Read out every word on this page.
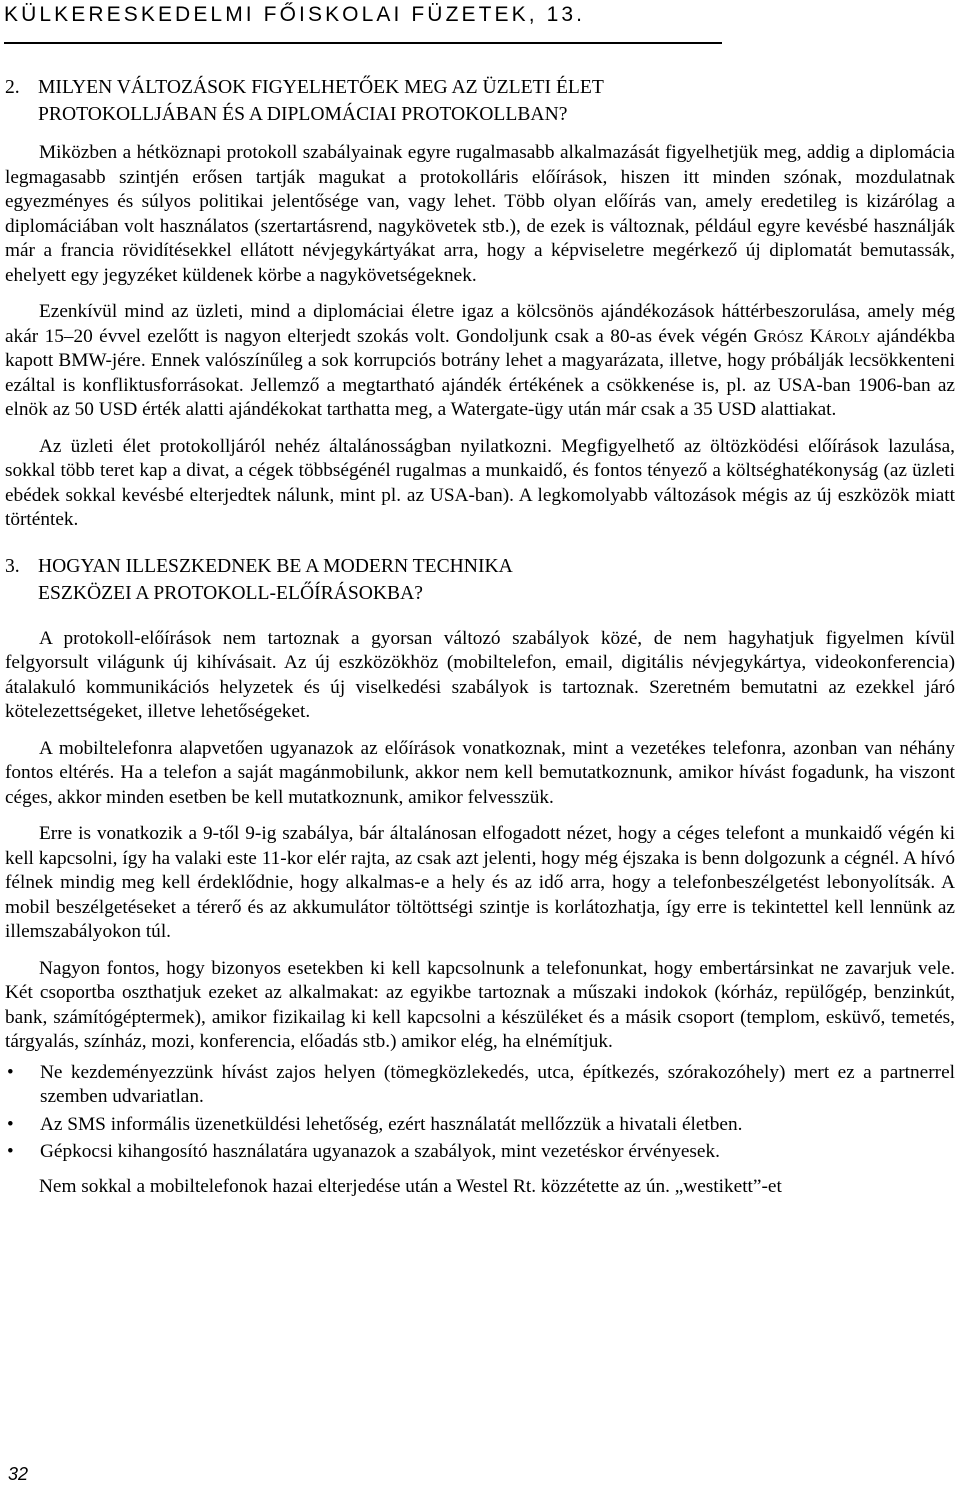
KÜLKERESKEDELMI FŐISKOLAI FÜZETEK, 13.
2. MILYEN VÁLTOZÁSOK FIGYELHETŐEK MEG AZ ÜZLETI ÉLET
PROTOKOLLJÁBAN ÉS A DIPLOMÁCIAI PROTOKOLLBAN?

Miközben a hétköznapi protokoll szabályainak egyre rugalmasabb alkalmazását figyelhetjük meg, addig a diplomácia legmagasabb szintjén erősen tartják magukat a protokolláris előírások, hiszen itt minden szónak, mozdulatnak egyezményes és súlyos politikai jelentősége van, vagy lehet. Több olyan előírás van, amely eredetileg is kizárólag a diplomáciában volt használatos (szertartásrend, nagykövetek stb.), de ezek is változnak, például egyre kevésbé használják már a francia rövidítésekkel ellátott névjegykártyákat arra, hogy a képviseletre megérkező új diplomatát bemutassák, ehelyett egy jegyzéket küldenek körbe a nagykövetségeknek.

Ezenkívül mind az üzleti, mind a diplomáciai életre igaz a kölcsönös ajándékozások háttérbeszorulása, amely még akár 15–20 évvel ezelőtt is nagyon elterjedt szokás volt. Gondoljunk csak a 80-as évek végén Grósz Károly ajándékba kapott BMW-jére. Ennek valószínűleg a sok korrupciós botrány lehet a magyarázata, illetve, hogy próbálják lecsökkenteni ezáltal is konfliktusforrásokat. Jellemző a megtartható ajándék értékének a csökkenése is, pl. az USA-ban 1906-ban az elnök az 50 USD érték alatti ajándékokat tarthatta meg, a Watergate-ügy után már csak a 35 USD alattiakat.

Az üzleti élet protokolljáról nehéz általánosságban nyilatkozni. Megfigyelhető az öltözködési előírások lazulása, sokkal több teret kap a divat, a cégek többségénél rugalmas a munkaidő, és fontos tényező a költséghatékonyság (az üzleti ebédek sokkal kevésbé elterjedtek nálunk, mint pl. az USA-ban). A legkomolyabb változások mégis az új eszközök miatt történtek.

3. HOGYAN ILLESZKEDNEK BE A MODERN TECHNIKA
ESZKÖZEI A PROTOKOLL-ELŐÍRÁSOKBA?

A protokoll-előírások nem tartoznak a gyorsan változó szabályok közé, de nem hagyhatjuk figyelmen kívül felgyorsult világunk új kihívásait. Az új eszközökhöz (mobiltelefon, email, digitális névjegykártya, videokonferencia) átalakuló kommunikációs helyzetek és új viselkedési szabályok is tartoznak. Szeretném bemutatni az ezekkel járó kötelezettségeket, illetve lehetőségeket.

A mobiltelefonra alapvetően ugyanazok az előírások vonatkoznak, mint a vezetékes telefonra, azonban van néhány fontos eltérés. Ha a telefon a saját magánmobilunk, akkor nem kell bemutatkoznunk, amikor hívást fogadunk, ha viszont céges, akkor minden esetben be kell mutatkoznunk, amikor felvesszük.

Erre is vonatkozik a 9-től 9-ig szabálya, bár általánosan elfogadott nézet, hogy a céges telefont a munkaidő végén ki kell kapcsolni, így ha valaki este 11-kor elér rajta, az csak azt jelenti, hogy még éjszaka is benn dolgozunk a cégnél. A hívó félnek mindig meg kell érdeklődnie, hogy alkalmas-e a hely és az idő arra, hogy a telefonbeszélgetést lebonyolítsák. A mobil beszélgetéseket a térerő és az akkumulátor töltöttségi szintje is korlátozhatja, így erre is tekintettel kell lennünk az illemszabályokon túl.

Nagyon fontos, hogy bizonyos esetekben ki kell kapcsolnunk a telefonunkat, hogy embertársinkat ne zavarjuk vele. Két csoportba oszthatjuk ezeket az alkalmakat: az egyikbe tartoznak a műszaki indokok (kórház, repülőgép, benzinkút, bank, számítógéptermek), amikor fizikailag ki kell kapcsolni a készüléket és a másik csoport (templom, esküvő, temetés, tárgyalás, színház, mozi, konferencia, előadás stb.) amikor elég, ha elnémítjuk.

•	Ne kezdeményezzünk hívást zajos helyen (tömegközlekedés, utca, építkezés, szórakozóhely) mert ez a partnerrel szemben udvariatlan.
•	Az SMS informális üzenetküldési lehetőség, ezért használatát mellőzzük a hivatali életben.
•	Gépkocsi kihangosító használatára ugyanazok a szabályok, mint vezetéskor érvényesek.

Nem sokkal a mobiltelefonok hazai elterjedése után a Westel Rt. közzétette az ún. „westikett”-et

32
